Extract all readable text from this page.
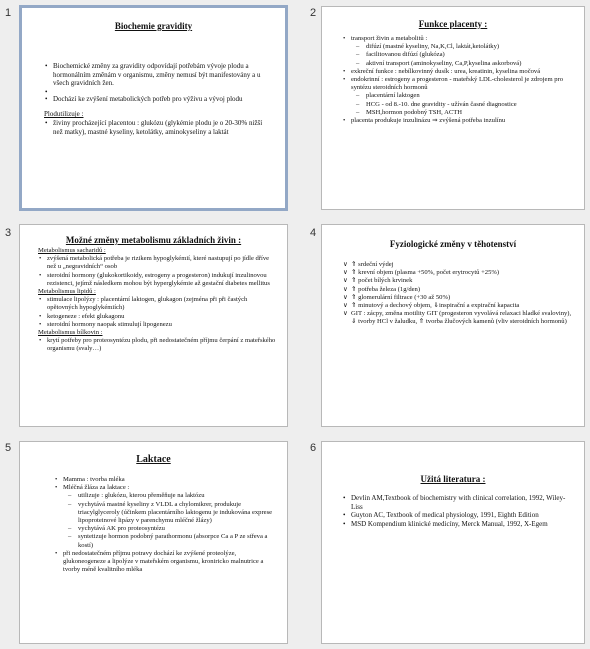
1	2
3	4
5	6
Biochemie gravidity
• Biochemické změny za gravidity odpovídají potřebám vývoje plodu a hormonálním změnám v organismu, změny nemusí být manifestovány a u všech gravidních žen.
•
• Dochází ke zvýšení metabolických potřeb pro výživu a vývoj plodu
Plodutilizuje :
• živiny procházející placentou : glukózu (glykémie plodu je o 20-30% nižší než matky), mastné kyseliny, ketolátky, aminokyseliny a laktát
Funkce placenty :
• transport živin a metabolitů :
– difúzí (mastné kyseliny, Na,K,Cl, laktát,ketolátky)
– facilitovanou difúzí (glukóza)
– aktivní transport (aminokyseliny, Ca,P,kyselina askorbová)
• exkreční funkce : nebílkovinný dusík : urea, kreatinin, kyselina močová
• endokrinní : estrogeny a progesteron - mateřský LDL-cholesterol je zdrojem pro syntézu steroidních hormonů
– placentární laktogen
– HCG - od 8.-10. dne gravidity - užíván časné diagnostice
– MSH,hormon podobný TSH, ACTH
• placenta produkuje inzulinázu ⇒ zvýšená potřeba inzulínu
Možné změny metabolismu základních živin :
Metabolismus sacharidů :
• zvýšená metabolická potřeba je rizikem hypoglykémií, které nastupují po jídle dříve než u „negravidních“ osob
• steroidní hormony (glukokortikoidy, estrogeny a progesteron) indukují inzulinovou rezistenci, jejímž následkem mohou být hyperglykémie až gestační diabetes mellitus
Metabolismus lipidů :
• stimulace lipolýzy : placentární laktogen, glukagon (zejména při při častých opětovných hypoglykémiích)
• ketogeneze : efekt glukagonu
• steroidní hormony naopak stimulují lipogenezu
Metabolismus bílkovin :
• krytí potřeby pro proteosyntézu plodu, při nedostatečném příjmu čerpání z mateřského organismu (svaly…)
Fyziologické změny v těhotenství
∨ ⇑ srdeční výdej
∨ ⇑ krevní objem (plasma +50%, počet erytrocytů +25%)
∨ ⇑ počet bílých krvinek
∨ ⇑ potřeba železa (1g/den)
∨ ⇑ glomerulární filtrace (+30 až 50%)
∨ ⇑ minutový a dechový objem, ⇓inspirační a expirační kapacita
∨ GIT : zácpy, změna motility GIT (progesteron vyvolává relaxaci hladké svaloviny), ⇓ tvorby HCl v žaludku, ⇑ tvorba žlučových kamenů (vliv steroidních hormonů)
Laktace
• Mamma : tvorba mléka
• Mléčná žláza za laktace :
– utilizuje : glukózu, kterou přeměňuje na laktózu
– vychytává mastné kyseliny z VLDL a chylomikrer, produkuje triacylglyceroly (účinkem placentárního laktogenu je indukována exprese lipoproteinové lipázy v parenchymu mléčné žlázy)
– vychytává AK pro proteosyntézu
– syntetizuje hormon podobný parathormonu (absorpce Ca a P ze střeva a kostí)
• při nedostatečném příjmu potravy dochází ke zvýšené proteolýze, glukoneogeneze a lipolýze v mateřském organismu, kroniricko malnutrice a tvorby méně kvalitního mléka
Užitá literatura :
• Devlin AM,Textbook of biochemistry with clinical correlation, 1992, Wiley-Liss
• Guyton AC, Textbook of medical physiology, 1991, Eighth Edition
• MSD Kompendium klinické medicíny, Merck Manual, 1992, X-Egem
